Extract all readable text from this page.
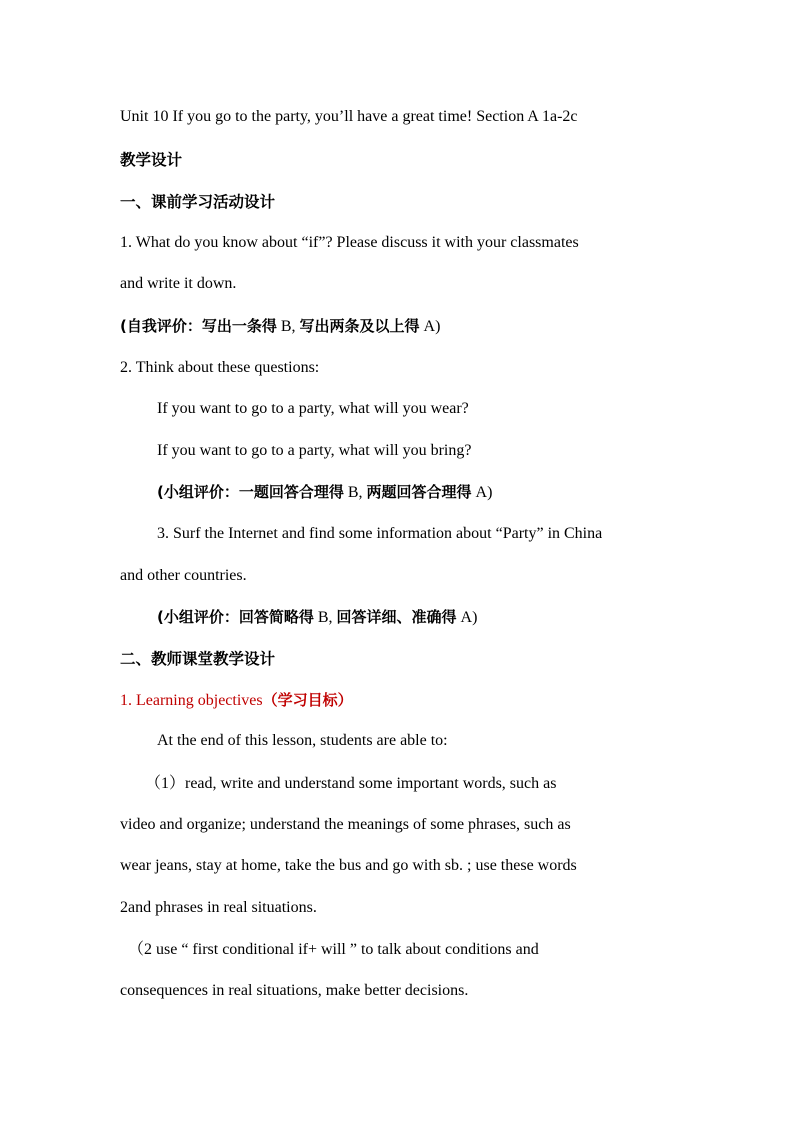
Unit 10 If you go to the party, you’ll have a great time! Section A 1a-2c
教学设计
一、课前学习活动设计
1. What do you know about “if”? Please discuss it with your classmates
and write it down.
(自我评价：写出一条得 B, 写出两条及以上得 A)
2. Think about these questions:
If you want to go to a party, what will you wear?
If you want to go to a party, what will you bring?
(小组评价：一题回答合理得 B, 两题回答合理得 A)
3. Surf the Internet and find some information about “Party” in China
and other countries.
(小组评价：回答简略得 B, 回答详细、准确得 A)
二、教师课堂教学设计
1. Learning objectives（学习目标）
At the end of this lesson, students are able to:
（1）read, write and understand some important words, such as
video and organize; understand the meanings of some phrases, such as
wear jeans, stay at home, take the bus and go with sb. ; use these words
2and phrases in real situations.
（2 use “ first conditional if+ will ” to talk about conditions and
consequences in real situations, make better decisions.
